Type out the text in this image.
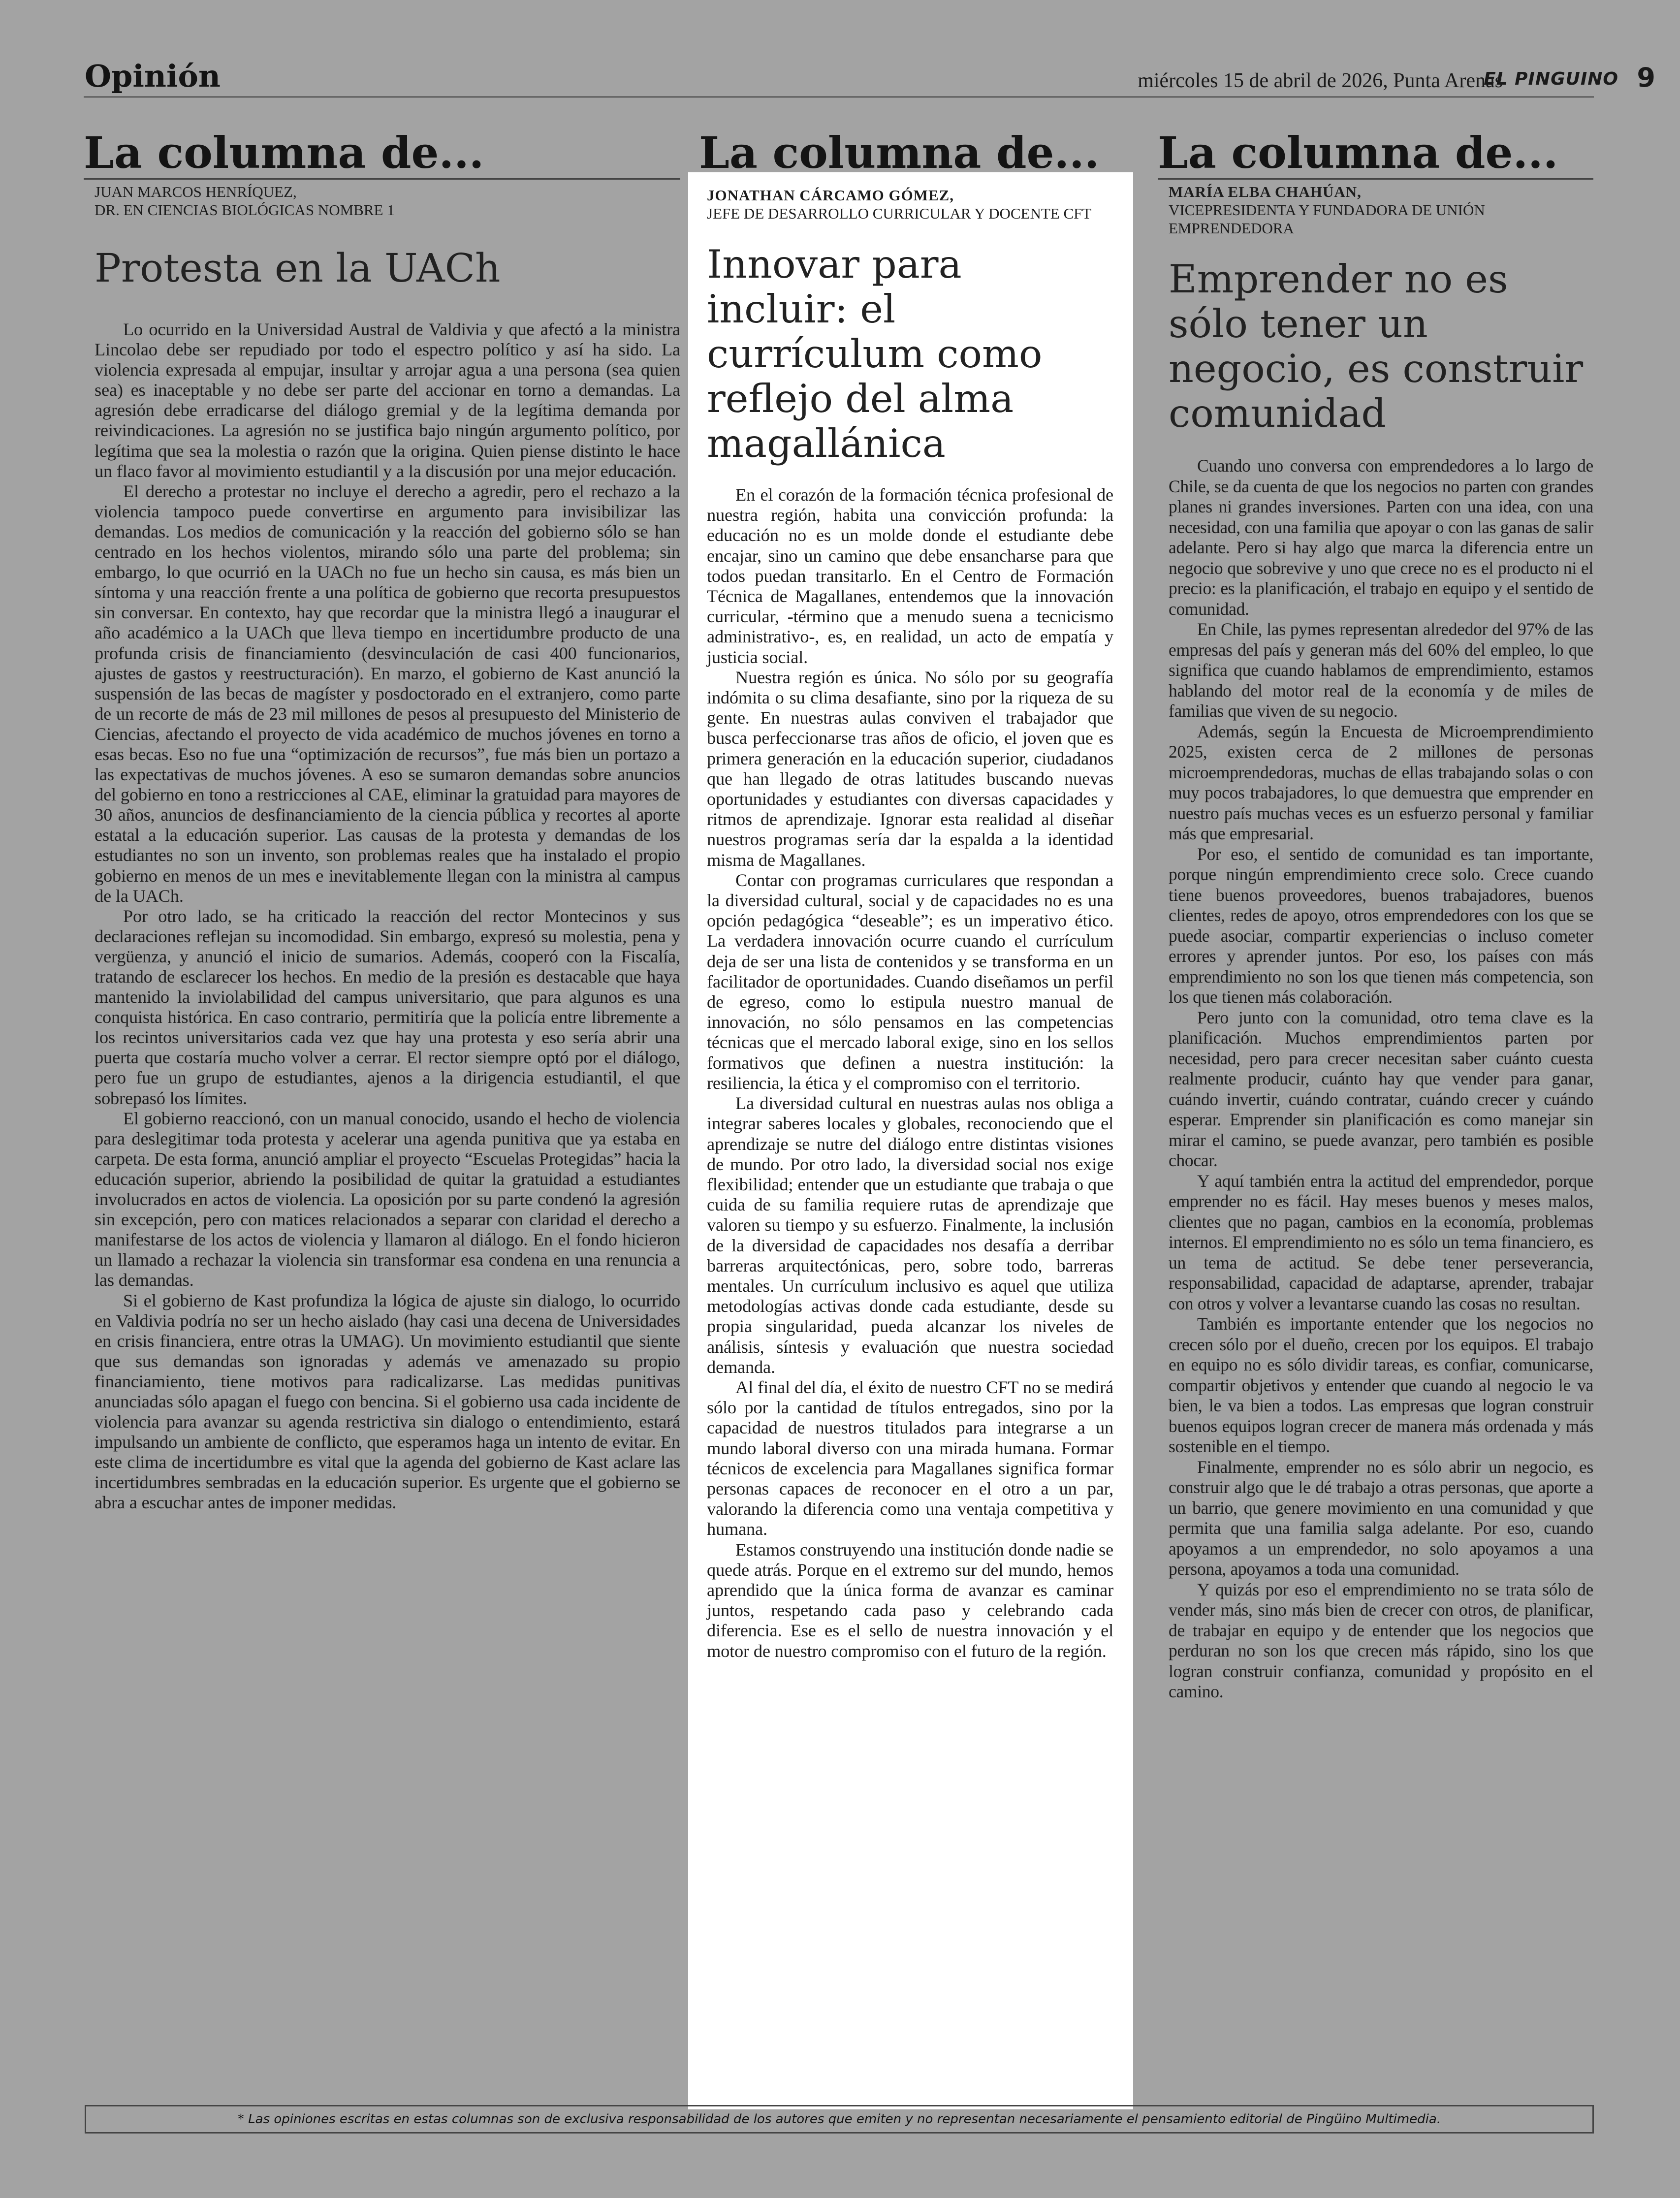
Opinión	miércoles 15 de abril de 2026, Punta Arenas
EL PINGUINO 9
La columna de...
JUAN MARCOS HENRÍQUEZ,
DR. EN CIENCIAS BIOLÓGICAS NOMBRE 1
Protesta en la UACh

Lo ocurrido en la Universidad Austral de Valdivia y que afectó a la ministra Lincolao debe ser repudiado por todo el espectro político y así ha sido. La violencia expresada al empujar, insultar y arrojar agua a una persona (sea quien sea) es inaceptable y no debe ser parte del accionar en torno a demandas. La agresión debe erradicarse del diálogo gremial y de la legítima demanda por reivindicaciones. La agresión no se justifica bajo ningún argumento político, por legítima que sea la molestia o razón que la origina. Quien piense distinto le hace un flaco favor al movimiento estudiantil y a la discusión por una mejor educación.

El derecho a protestar no incluye el derecho a agredir, pero el rechazo a la violencia tampoco puede convertirse en argumento para invisibilizar las demandas. Los medios de comunicación y la reacción del gobierno sólo se han centrado en los hechos violentos, mirando sólo una parte del problema; sin embargo, lo que ocurrió en la UACh no fue un hecho sin causa, es más bien un síntoma y una reacción frente a una política de gobierno que recorta presupuestos sin conversar. En contexto, hay que recordar que la ministra llegó a inaugurar el año académico a la UACh que lleva tiempo en incertidumbre producto de una profunda crisis de financiamiento (desvinculación de casi 400 funcionarios, ajustes de gastos y reestructuración). En marzo, el gobierno de Kast anunció la suspensión de las becas de magíster y posdoctorado en el extranjero, como parte de un recorte de más de 23 mil millones de pesos al presupuesto del Ministerio de Ciencias, afectando el proyecto de vida académico de muchos jóvenes en torno a esas becas. Eso no fue una “optimización de recursos”, fue más bien un portazo a las expectativas de muchos jóvenes. A eso se sumaron demandas sobre anuncios del gobierno en tono a restricciones al CAE, eliminar la gratuidad para mayores de 30 años, anuncios de desfinanciamiento de la ciencia pública y recortes al aporte estatal a la educación superior. Las causas de la protesta y demandas de los estudiantes no son un invento, son problemas reales que ha instalado el propio gobierno en menos de un mes e inevitablemente llegan con la ministra al campus de la UACh.

Por otro lado, se ha criticado la reacción del rector Montecinos y sus declaraciones reflejan su incomodidad. Sin embargo, expresó su molestia, pena y vergüenza, y anunció el inicio de sumarios. Además, cooperó con la Fiscalía, tratando de esclarecer los hechos. En medio de la presión es destacable que haya mantenido la inviolabilidad del campus universitario, que para algunos es una conquista histórica. En caso contrario, permitiría que la policía entre libremente a los recintos universitarios cada vez que hay una protesta y eso sería abrir una puerta que costaría mucho volver a cerrar. El rector siempre optó por el diálogo, pero fue un grupo de estudiantes, ajenos a la dirigencia estudiantil, el que sobrepasó los límites.

El gobierno reaccionó, con un manual conocido, usando el hecho de violencia para deslegitimar toda protesta y acelerar una agenda punitiva que ya estaba en carpeta. De esta forma, anunció ampliar el proyecto “Escuelas Protegidas” hacia la educación superior, abriendo la posibilidad de quitar la gratuidad a estudiantes involucrados en actos de violencia. La oposición por su parte condenó la agresión sin excepción, pero con matices relacionados a separar con claridad el derecho a manifestarse de los actos de violencia y llamaron al diálogo. En el fondo hicieron un llamado a rechazar la violencia sin transformar esa condena en una renuncia a las demandas.

Si el gobierno de Kast profundiza la lógica de ajuste sin dialogo, lo ocurrido en Valdivia podría no ser un hecho aislado (hay casi una decena de Universidades en crisis financiera, entre otras la UMAG). Un movimiento estudiantil que siente que sus demandas son ignoradas y además ve amenazado su propio financiamiento, tiene motivos para radicalizarse. Las medidas punitivas anunciadas sólo apagan el fuego con bencina. Si el gobierno usa cada incidente de violencia para avanzar su agenda restrictiva sin dialogo o entendimiento, estará impulsando un ambiente de conflicto, que esperamos haga un intento de evitar. En este clima de incertidumbre es vital que la agenda del gobierno de Kast aclare las incertidumbres sembradas en la educación superior. Es urgente que el gobierno se abra a escuchar antes de imponer medidas.

La columna de...
JONATHAN CÁRCAMO GÓMEZ,
JEFE DE DESARROLLO CURRICULAR Y DOCENTE CFT
Innovar para incluir: el currículum como reflejo del alma magallánica

En el corazón de la formación técnica profesional de nuestra región, habita una convicción profunda: la educación no es un molde donde el estudiante debe encajar, sino un camino que debe ensancharse para que todos puedan transitarlo. En el Centro de Formación Técnica de Magallanes, entendemos que la innovación curricular, -término que a menudo suena a tecnicismo administrativo-, es, en realidad, un acto de empatía y justicia social.

Nuestra región es única. No sólo por su geografía indómita o su clima desafiante, sino por la riqueza de su gente. En nuestras aulas conviven el trabajador que busca perfeccionarse tras años de oficio, el joven que es primera generación en la educación superior, ciudadanos que han llegado de otras latitudes buscando nuevas oportunidades y estudiantes con diversas capacidades y ritmos de aprendizaje. Ignorar esta realidad al diseñar nuestros programas sería dar la espalda a la identidad misma de Magallanes.

Contar con programas curriculares que respondan a la diversidad cultural, social y de capacidades no es una opción pedagógica “deseable”; es un imperativo ético. La verdadera innovación ocurre cuando el currículum deja de ser una lista de contenidos y se transforma en un facilitador de oportunidades. Cuando diseñamos un perfil de egreso, como lo estipula nuestro manual de innovación, no sólo pensamos en las competencias técnicas que el mercado laboral exige, sino en los sellos formativos que definen a nuestra institución: la resiliencia, la ética y el compromiso con el territorio.

La diversidad cultural en nuestras aulas nos obliga a integrar saberes locales y globales, reconociendo que el aprendizaje se nutre del diálogo entre distintas visiones de mundo. Por otro lado, la diversidad social nos exige flexibilidad; entender que un estudiante que trabaja o que cuida de su familia requiere rutas de aprendizaje que valoren su tiempo y su esfuerzo. Finalmente, la inclusión de la diversidad de capacidades nos desafía a derribar barreras arquitectónicas, pero, sobre todo, barreras mentales. Un currículum inclusivo es aquel que utiliza metodologías activas donde cada estudiante, desde su propia singularidad, pueda alcanzar los niveles de análisis, síntesis y evaluación que nuestra sociedad demanda.

Al final del día, el éxito de nuestro CFT no se medirá sólo por la cantidad de títulos entregados, sino por la capacidad de nuestros titulados para integrarse a un mundo laboral diverso con una mirada humana. Formar técnicos de excelencia para Magallanes significa formar personas capaces de reconocer en el otro a un par, valorando la diferencia como una ventaja competitiva y humana.

Estamos construyendo una institución donde nadie se quede atrás. Porque en el extremo sur del mundo, hemos aprendido que la única forma de avanzar es caminar juntos, respetando cada paso y celebrando cada diferencia. Ese es el sello de nuestra innovación y el motor de nuestro compromiso con el futuro de la región.

La columna de...
MARÍA ELBA CHAHÚAN,
VICEPRESIDENTA Y FUNDADORA DE UNIÓN EMPRENDEDORA
Emprender no es sólo tener un negocio, es construir comunidad

Cuando uno conversa con emprendedores a lo largo de Chile, se da cuenta de que los negocios no parten con grandes planes ni grandes inversiones. Parten con una idea, con una necesidad, con una familia que apoyar o con las ganas de salir adelante. Pero si hay algo que marca la diferencia entre un negocio que sobrevive y uno que crece no es el producto ni el precio: es la planificación, el trabajo en equipo y el sentido de comunidad.

En Chile, las pymes representan alrededor del 97% de las empresas del país y generan más del 60% del empleo, lo que significa que cuando hablamos de emprendimiento, estamos hablando del motor real de la economía y de miles de familias que viven de su negocio.

Además, según la Encuesta de Microemprendimiento 2025, existen cerca de 2 millones de personas microemprendedoras, muchas de ellas trabajando solas o con muy pocos trabajadores, lo que demuestra que emprender en nuestro país muchas veces es un esfuerzo personal y familiar más que empresarial.

Por eso, el sentido de comunidad es tan importante, porque ningún emprendimiento crece solo. Crece cuando tiene buenos proveedores, buenos trabajadores, buenos clientes, redes de apoyo, otros emprendedores con los que se puede asociar, compartir experiencias o incluso cometer errores y aprender juntos. Por eso, los países con más emprendimiento no son los que tienen más competencia, son los que tienen más colaboración.

Pero junto con la comunidad, otro tema clave es la planificación. Muchos emprendimientos parten por necesidad, pero para crecer necesitan saber cuánto cuesta realmente producir, cuánto hay que vender para ganar, cuándo invertir, cuándo contratar, cuándo crecer y cuándo esperar. Emprender sin planificación es como manejar sin mirar el camino, se puede avanzar, pero también es posible chocar.

Y aquí también entra la actitud del emprendedor, porque emprender no es fácil. Hay meses buenos y meses malos, clientes que no pagan, cambios en la economía, problemas internos. El emprendimiento no es sólo un tema financiero, es un tema de actitud. Se debe tener perseverancia, responsabilidad, capacidad de adaptarse, aprender, trabajar con otros y volver a levantarse cuando las cosas no resultan.

También es importante entender que los negocios no crecen sólo por el dueño, crecen por los equipos. El trabajo en equipo no es sólo dividir tareas, es confiar, comunicarse, compartir objetivos y entender que cuando al negocio le va bien, le va bien a todos. Las empresas que logran construir buenos equipos logran crecer de manera más ordenada y más sostenible en el tiempo.

Finalmente, emprender no es sólo abrir un negocio, es construir algo que le dé trabajo a otras personas, que aporte a un barrio, que genere movimiento en una comunidad y que permita que una familia salga adelante. Por eso, cuando apoyamos a un emprendedor, no solo apoyamos a una persona, apoyamos a toda una comunidad.

Y quizás por eso el emprendimiento no se trata sólo de vender más, sino más bien de crecer con otros, de planificar, de trabajar en equipo y de entender que los negocios que perduran no son los que crecen más rápido, sino los que logran construir confianza, comunidad y propósito en el camino.

* Las opiniones escritas en estas columnas son de exclusiva responsabilidad de los autores que emiten y no representan necesariamente el pensamiento editorial de Pingüino Multimedia.
